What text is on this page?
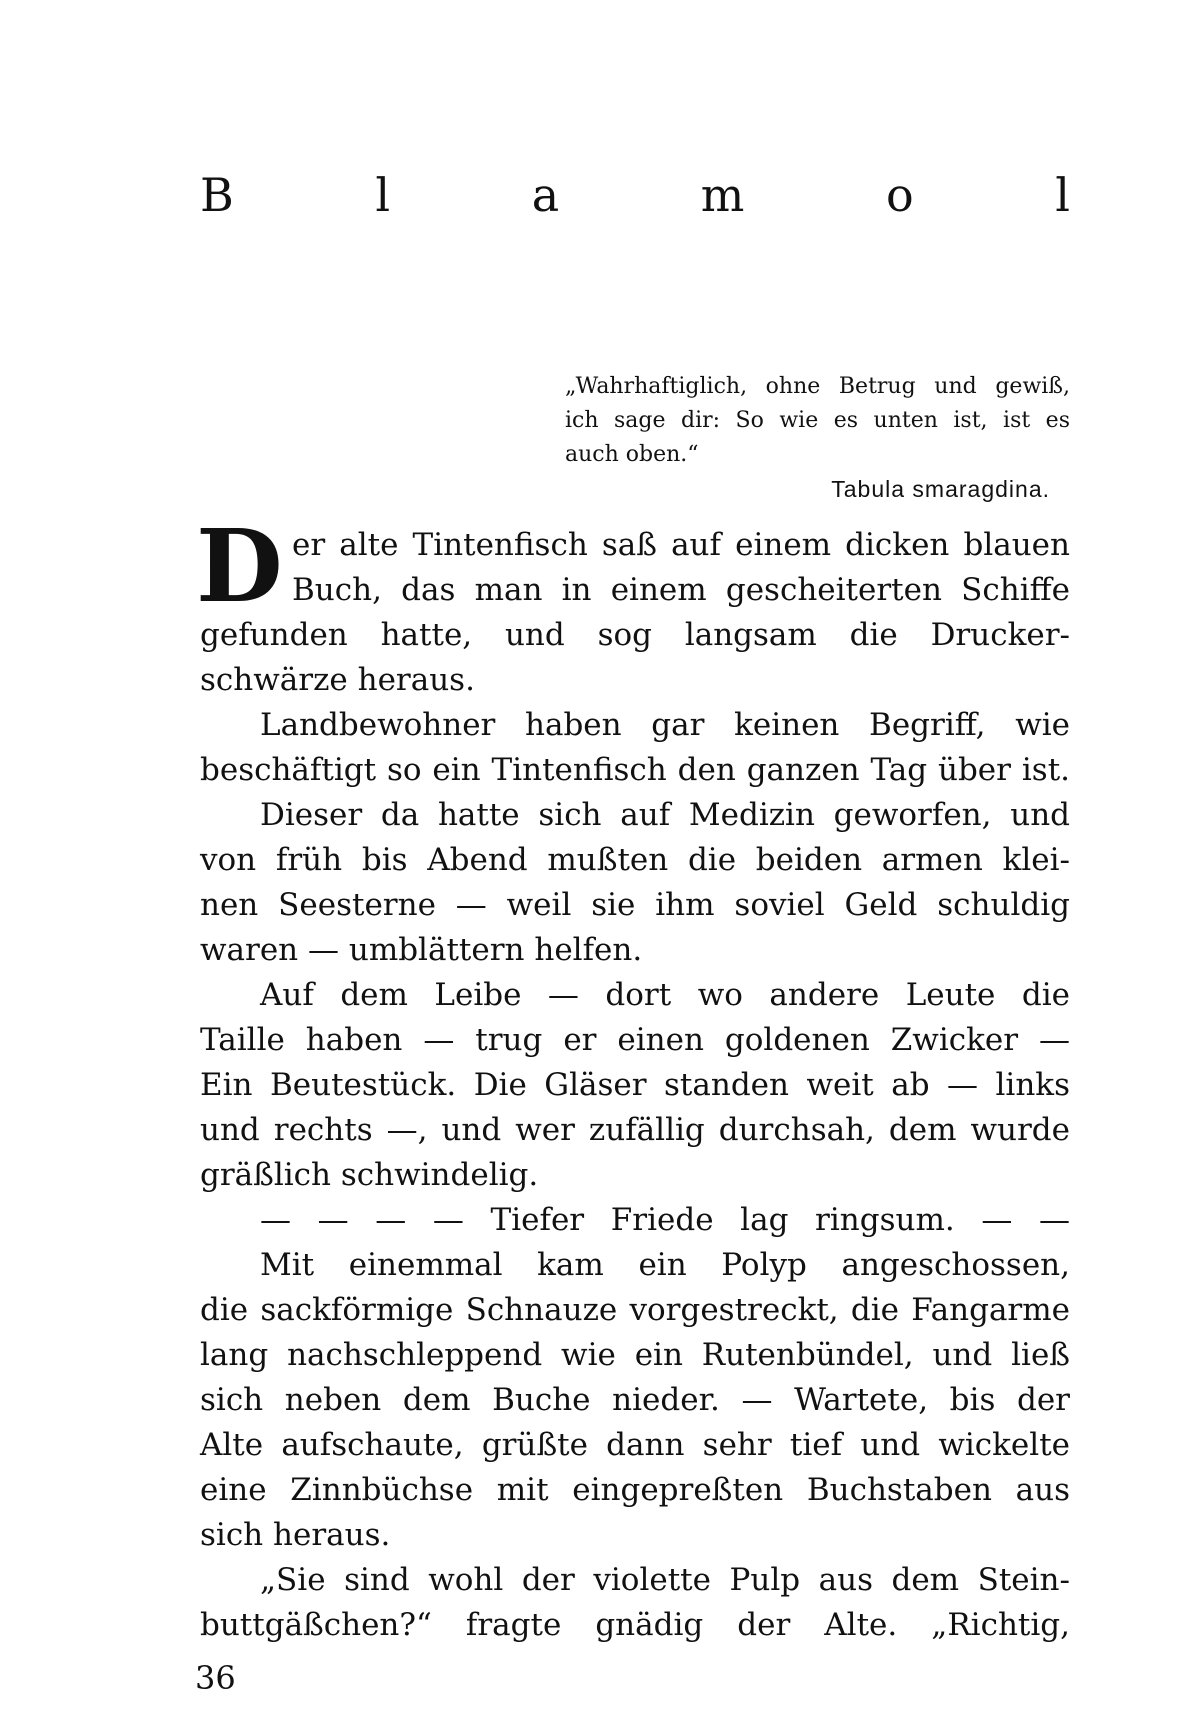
B	l	a	m	o	l
„Wahrhaftiglich, ohne Betrug und gewiß,
ich sage dir: So wie es unten ist, ist es
auch oben.“
Tabula smaragdina.
D er alte Tintenfisch saß auf einem dicken blauen
Buch, das man in einem gescheiterten Schiffe
gefunden hatte, und sog langsam die Drucker-
schwärze heraus.
Landbewohner haben gar keinen Begriff, wie
beschäftigt so ein Tintenfisch den ganzen Tag über ist.
Dieser da hatte sich auf Medizin geworfen, und
von früh bis Abend mußten die beiden armen klei-
nen Seesterne — weil sie ihm soviel Geld schuldig
waren — umblättern helfen.
Auf dem Leibe — dort wo andere Leute die
Taille haben — trug er einen goldenen Zwicker —
Ein Beutestück. Die Gläser standen weit ab — links
und rechts —, und wer zufällig durchsah, dem wurde
gräßlich schwindelig.
— — — — Tiefer Friede lag ringsum. — —
Mit einemmal kam ein Polyp angeschossen,
die sackförmige Schnauze vorgestreckt, die Fangarme
lang nachschleppend wie ein Rutenbündel, und ließ
sich neben dem Buche nieder. — Wartete, bis der
Alte aufschaute, grüßte dann sehr tief und wickelte
eine Zinnbüchse mit eingepreßten Buchstaben aus
sich heraus.
„Sie sind wohl der violette Pulp aus dem Stein-
buttgäßchen?“ fragte gnädig der Alte. „Richtig,
36
